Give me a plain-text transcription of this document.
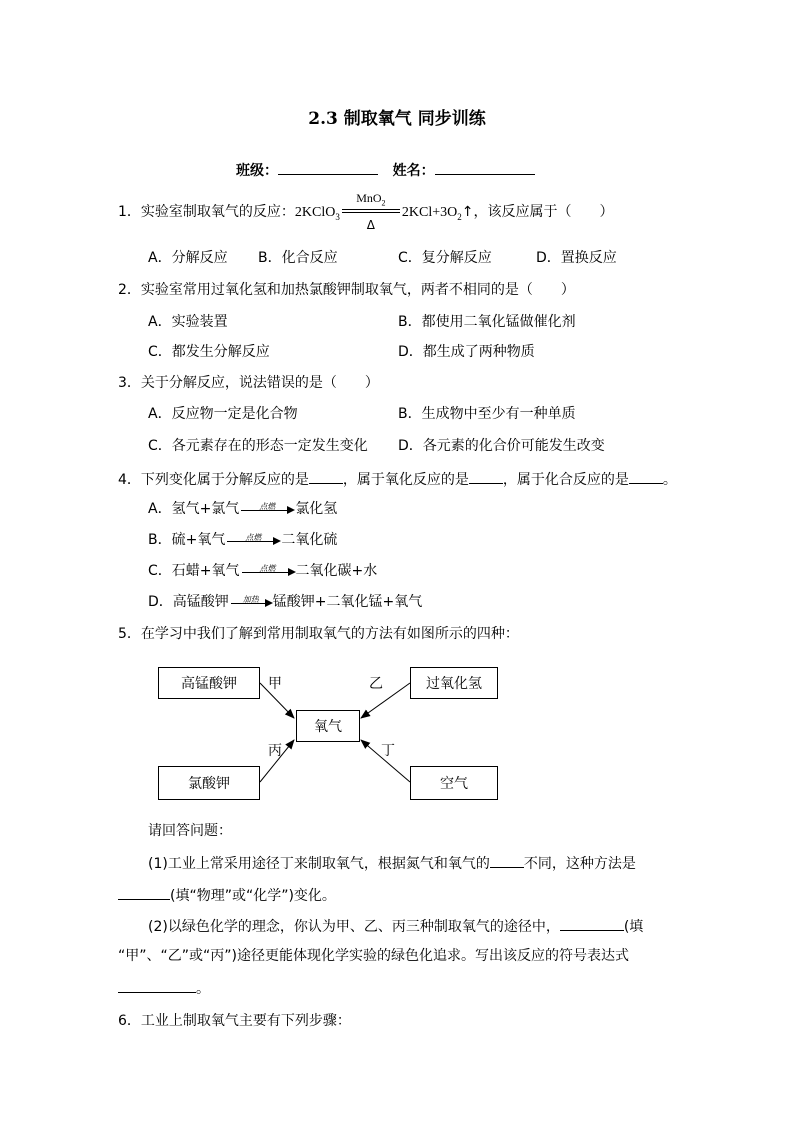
2.3 制取氧气 同步训练
班级：	姓名：
1．实验室制取氧气的反应：2KClO$_3$ $\frac{MnO_2}{\Delta}$ $2KCl+3O_2↑$，该反应属于（　　）
A．分解反应 B．化合反应	C．复分解反应	D．置换反应
2．实验室常用过氧化氢和加热氯酸钾制取氧气，两者不相同的是（　　）
A．实验装置	B．都使用二氧化锰做催化剂
C．都发生分解反应	D．都生成了两种物质
3．关于分解反应，说法错误的是（　　）
A．反应物一定是化合物	B．生成物中至少有一种单质
C．各元素存在的形态一定发生变化 D．各元素的化合价可能发生改变
4．下列变化属于分解反应的是 ，属于氧化反应的是 ，属于化合反应的是 。
A．氢气+氯气	点燃	氯化氢
B．硫+氧气	点燃	二氧化硫
C．石蜡+氧气	点燃	二氧化碳+水
D．高锰酸钾	加热	锰酸钾+二氧化锰+氧气
5．在学习中我们了解到常用制取氧气的方法有如图所示的四种：
高锰酸钾	过氧化氢
氧气
氯酸钾	空气
甲	乙
丙	丁
请回答问题：
(1)工业上常采用途径丁来制取氧气，根据氮气和氧气的 不同，这种方法是
(填“物理”或“化学”)变化。
(2)以绿色化学的理念，你认为甲、乙、丙三种制取氧气的途径中，	(填
“甲”、“乙”或“丙”)途径更能体现化学实验的绿色化追求。写出该反应的符号表达式
。
6．工业上制取氧气主要有下列步骤：
